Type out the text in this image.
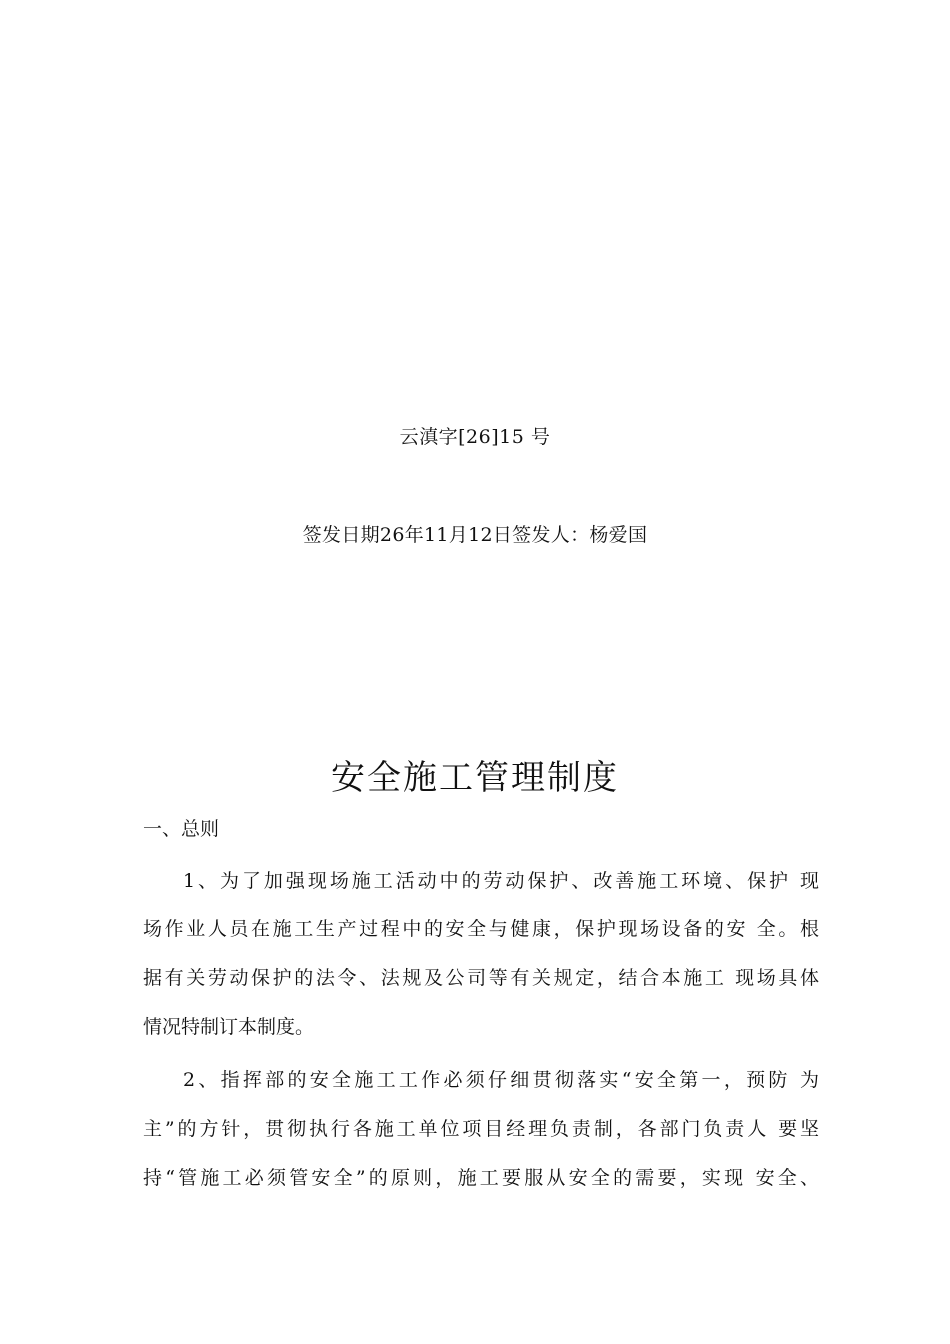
云滇字[26]15 号
签发日期26年11月12日签发人：杨爱国
安全施工管理制度
一、总则
1、为了加强现场施工活动中的劳动保护、改善施工环境、保护 现
场作业人员在施工生产过程中的安全与健康，保护现场设备的安 全。根
据有关劳动保护的法令、法规及公司等有关规定，结合本施工 现场具体
情况特制订本制度。
2、指挥部的安全施工工作必须仔细贯彻落实“安全第一，预防 为
主”的方针，贯彻执行各施工单位项目经理负责制，各部门负责人 要坚
持“管施工必须管安全”的原则，施工要服从安全的需要，实现 安全、
